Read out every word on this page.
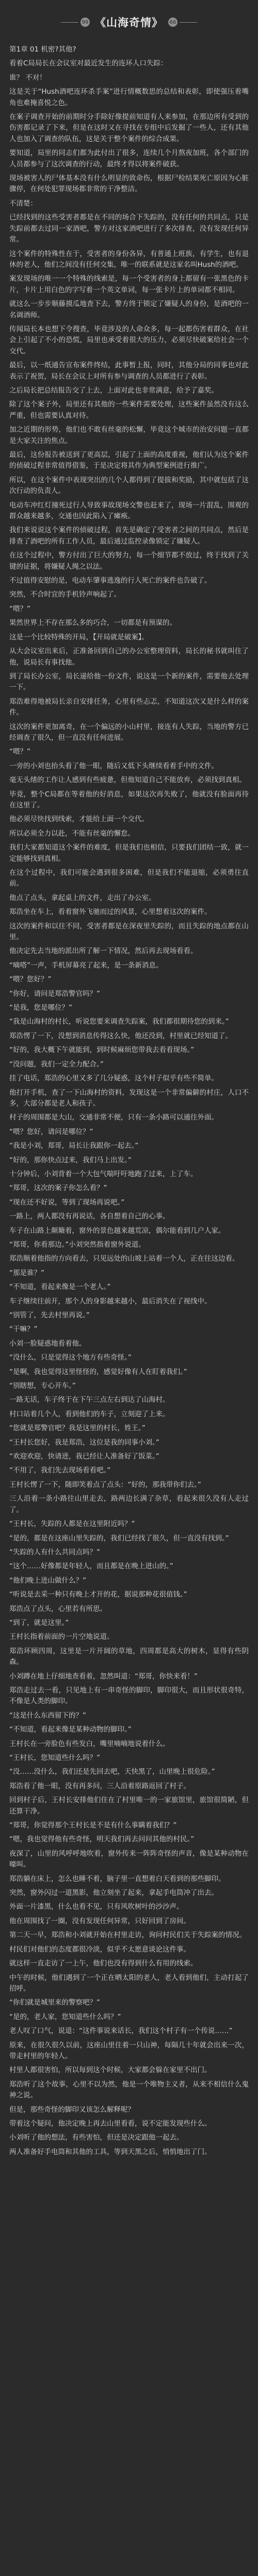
99 《山海奇情》 66

第1章 01 机密?其他?

看着C局局长在会议室对最近发生的连环人口失踪：

谁？ 不对！

这是关于“Hush酒吧连环杀手案”进行情概数思的总结和表彰，即使强压着嘴角也难掩喜悦之色。

在案子调查开始的前期时分手除好像提前知道有人来参加，在那边所有受到的伤害都记录了下来，但是在这时又在寻找在专组中后发掘了一些人，还有其他人也加入了调查的队伍，这是关于整个案件的综合成果。

要知道，局里的同志们都为此付出了很多，连续几个月熬夜加班，各个部门的人员都参与了这次调查的行动，最终才得以将案件破获。

现场被害人的尸体基本没有什么明显的致命伤，根据尸检结果死亡原因为心脏骤停，在何处犯罪现场都非常的干净整洁。

不清楚：

已经找到的这些受害者都是在不同的场合下失踪的，没有任何的共同点，只是失踪前都去过同一家酒吧，警方对这家酒吧进行了多次排查，没有发现任何异常。

这个案件的特殊性在于，受害者的身份各异，有普通上班族，有学生，也有退休的老人，他们之间没有任何交集，唯一的联系就是这家名叫Hush的酒吧。

案发现场的唯一一个特殊的线索是，每一个受害者的身上都留有一张黑色的卡片，卡片上用白色的字写着一个英文单词，每一张卡片上的单词都不相同。

就这么一步步顺藤摸瓜地查下去，警方终于锁定了嫌疑人的身份，是酒吧的一名调酒师。

传闻局长本也想下令搜查，毕竟涉及的人命众多，每一起都伤害着群众，在社会上引起了不小的恐慌，局里也承受着很大的压力，必须尽快破案给社会一个交代。

最后，以一纸通告宣布案件终结，此事暂上报，同时，其他分局的同事也对此表示了祝贺，局长在会议上对所有参与调查的人员都进行了表彰。

之后局长把总结报告交了上去，上面对此也非常满意，给予了嘉奖。

除了这个案子外，局里还有其他的一些案件需要处理，这些案件虽然没有这么严重，但也需要认真对待。

加之近期的形势，他们也不敢有丝毫的松懈，毕竟这个城市的治安问题一直都是大家关注的焦点。

最后，这份报告被送到了更高层，引起了上面的高度重视，他们认为这个案件的侦破过程非常值得借鉴，于是决定将其作为典型案例进行推广。

所以，在这个案件中表现突出的几个人都得到了提拔和奖励，其中就包括了这次行动的负责人。

电动车冲红灯撞死过行人导致事故现场交警也赶来了，现场一片混乱，围观的群众越来越多，交通也因此陷入了瘫痪。

我们来说说这个案件的侦破过程，首先是确定了受害者之间的共同点，然后是排查了酒吧的所有工作人员，最后通过监控录像锁定了嫌疑人。

在这个过程中，警方付出了巨大的努力，每一个细节都不放过，终于找到了关键的证据，将嫌疑人绳之以法。

不过值得安慰的是，电动车肇事逃逸的行人死亡的案件也告破了。

突然，不合时宜的手机铃声响起了。

“喂？”

果然世界上不存在那么多的巧合，一切都是有预谋的。

这是一个比较特殊的开局，【开局就是破案】。

从大会议室出来后，正准备回到自己的办公室整理资料，局长的秘书就叫住了他，说局长有事找他。

到了局长办公室，局长递给他一份文件，说这是一个新的案件，需要他去处理一下。

郑浩难得地被局长亲自安排任务，心里有些忐忑，不知道这次又是什么样的案件。

这次的案件更加离奇，在一个偏远的小山村里，接连有人失踪，当地的警方已经调查了很久，但一直没有任何进展。

“喂？”

一旁的小刘也抬头看了他一眼，随后又低下头继续看着手中的文件。

毫无头绪的工作让人感到有些疲惫，但他知道自己不能放弃，必须找到真相。

毕竟，整个C局都在等着他的好消息，如果这次再失败了，他就没有脸面再待在这里了。

他必须尽快找到线索，才能给上面一个交代。

所以必须全力以赴，不能有丝毫的懈怠。

我们大家都知道这个案件的难度，但是我们也相信，只要我们团结一致，就一定能够找到真相。

在这个过程中，我们可能会遇到很多困难，但是我们不能退缩，必须勇往直前。

他点了点头，拿起桌上的文件，走出了办公室。

郑浩坐在车上，看着窗外飞驰而过的风景，心里想着这次的案件。

这次的案件和以往不同，受害者都是在深夜里失踪的，而且失踪的地点都在山里。

他决定先去当地的派出所了解一下情况，然后再去现场看看。

“嘀嗒”一声，手机屏幕亮了起来，是一条新消息。

“喂？您好？”

“你好，请问是郑浩警官吗？”

“是我，您是哪位？”

“我是山海村的村长，听说您要来调查失踪案，我们都很期待您的到来。”

郑浩愣了一下，没想到消息传得这么快，他还没到，村里就已经知道了。

“好的，我大概下午就能到，到时候麻烦您带我去看看现场。”

“没问题，我们一定全力配合。”

挂了电话，郑浩的心里又多了几分疑惑，这个村子似乎有些不简单。

他打开手机，查了一下山海村的资料，发现这是一个非常偏僻的村庄，人口不多，大部分都是老人和孩子。

村子的周围都是大山，交通非常不便，只有一条小路可以通往外面。

“喂？您好，请问是哪位？”

“我是小刘，郑哥，局长让我跟你一起去。”

“好的，那你快点过来，我们马上出发。”

十分钟后，小刘背着一个大包气喘吁吁地跑了过来，上了车。

“郑哥，这次的案子你怎么看？”

“现在还不好说，等到了现场再说吧。”

一路上，两人都没有再说话，各自想着自己的心事。

车子在山路上颠簸着，窗外的景色越来越荒凉，偶尔能看到几户人家。

“郑哥，你看那边。”小刘突然指着窗外说道。

郑浩顺着他指的方向看去，只见远处的山坡上站着一个人，正在往这边看。

“那是谁？”

“不知道，看起来像是一个老人。”

车子继续往前开，那个人的身影越来越小，最后消失在了视线中。

“别管了，先去村里再说。”

“干嘛？”

小刘一脸疑惑地看着他。

“没什么，只是觉得这个地方有些奇怪。”

“是啊，我也觉得这里怪怪的，感觉好像有人在盯着我们。”

“别瞎想，专心开车。”

一路无话，车子终于在下午三点左右到达了山海村。

村口站着几个人，看到他们的车子，立刻迎了上来。

“您就是郑警官吧？我是这里的村长，姓王。”

“王村长您好，我是郑浩，这位是我的同事小刘。”

“欢迎欢迎，快请进，我已经让人准备好了饭菜。”

“不用了，我们先去现场看看吧。”

王村长愣了一下，随即笑着点了点头：“好的，那我带你们去。”

三人沿着一条小路往山里走去，路两边长满了杂草，看起来很久没有人走过了。

“王村长，失踪的人都是在这里附近吗？”

“是的，都是在这座山里失踪的，我们已经找了很久，但一直没有找到。”

“失踪的人有什么共同点吗？”

“这个……好像都是年轻人，而且都是在晚上进山的。”

“他们晚上进山做什么？”

“听说是去采一种只有晚上才开的花，据说那种花很值钱。”

郑浩点了点头，心里若有所思。

“到了，就是这里。”

王村长指着前面的一片空地说道。

郑浩环顾四周，这里是一片开阔的草地，四周都是高大的树木，显得有些阴森。

小刘蹲在地上仔细地查看着，忽然叫道：“郑哥，你快来看！”

郑浩走过去一看，只见地上有一串奇怪的脚印，脚印很大，而且形状很奇特，不像是人类的脚印。

“这是什么东西留下的？”

“不知道，看起来像是某种动物的脚印。”

王村长在一旁脸色有些发白，嘴里喃喃地说着什么。

“王村长，您知道些什么吗？”

“没……没什么，我们还是先回去吧，天快黑了，山里晚上很危险。”

郑浩看了他一眼，没有再多问，三人沿着原路返回了村子。

回到村子后，王村长安排他们住在了村里唯一的一家旅馆里，旅馆很简陋，但还算干净。

“郑哥，你觉得那个王村长是不是有什么事瞒着我们？”

“嗯，我也觉得他有些奇怪，明天我们再去问问其他的村民。”

夜深了，山里的风呼呼地吹着，窗外传来一阵阵奇怪的声音，像是某种动物在嚎叫。

郑浩躺在床上，怎么也睡不着，脑子里一直想着白天看到的那些脚印。

突然，窗外闪过一道黑影，他立刻坐了起来，拿起手电筒冲了出去。

外面一片漆黑，什么也看不见，只有风吹树叶的沙沙声。

他在周围找了一圈，没有发现任何异常，只好回到了房间。

第二天一早，郑浩和小刘就开始在村里走访，询问村民们关于失踪案的情况。

村民们对他们的态度都很冷淡，似乎不太愿意谈论这件事。

就这样一直走访了一上午，他们也没有得到什么有用的线索。

中午的时候，他们遇到了一个正在晒太阳的老人，老人看到他们，主动打起了招呼。

“你们就是城里来的警察吧？”

“是的，老人家，您知道些什么吗？”

老人叹了口气，说道：“这件事说来话长，我们这个村子有一个传说……”

原来，在很久很久以前，这座山里住着一只山神，每隔几十年就会出来一次，带走村里的年轻人。

村里人都很害怕，所以每到这个时候，大家都会躲在家里不出门。

郑浩听了这个故事，心里不以为然，他是一个唯物主义者，从来不相信什么鬼神之说。

但是，那些奇怪的脚印又该怎么解释呢？

带着这个疑问，他决定晚上再去山里看看，说不定能发现些什么。

小刘听了他的想法，有些害怕，但还是决定跟他一起去。

两人准备好手电筒和其他的工具，等到天黑之后，悄悄地出了门。
